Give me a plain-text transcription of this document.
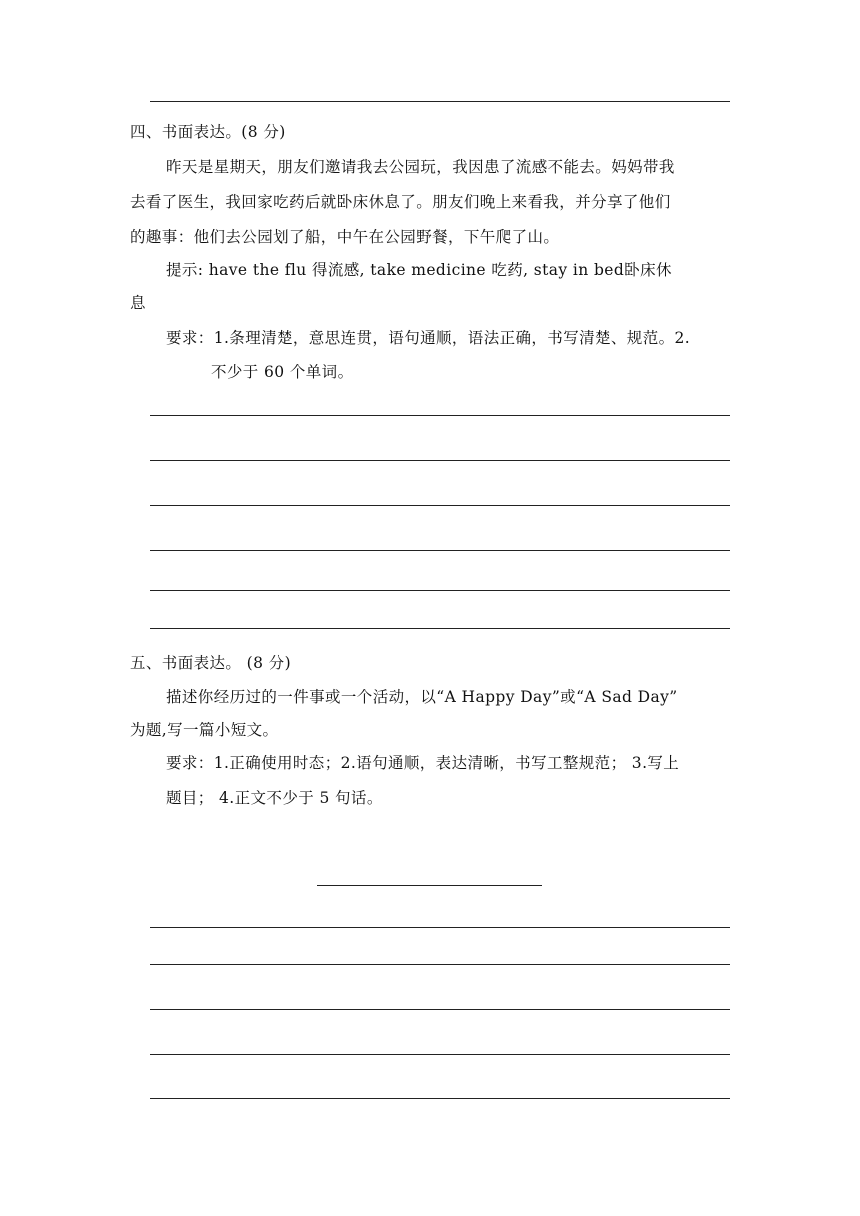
四、书面表达。(8 分)
昨天是星期天，朋友们邀请我去公园玩，我因患了流感不能去。妈妈带我
去看了医生，我回家吃药后就卧床休息了。朋友们晚上来看我，并分享了他们
的趣事：他们去公园划了船，中午在公园野餐，下午爬了山。
提示: have the flu 得流感, take medicine 吃药, stay in bed卧床休
息
要求：1.条理清楚，意思连贯，语句通顺，语法正确，书写清楚、规范。2.
不少于 60 个单词。
五、书面表达。 (8 分)
描述你经历过的一件事或一个活动，以“A Happy Day”或“A Sad Day”
为题,写一篇小短文。
要求：1.正确使用时态；2.语句通顺，表达清晰，书写工整规范； 3.写上
题目； 4.正文不少于 5 句话。
